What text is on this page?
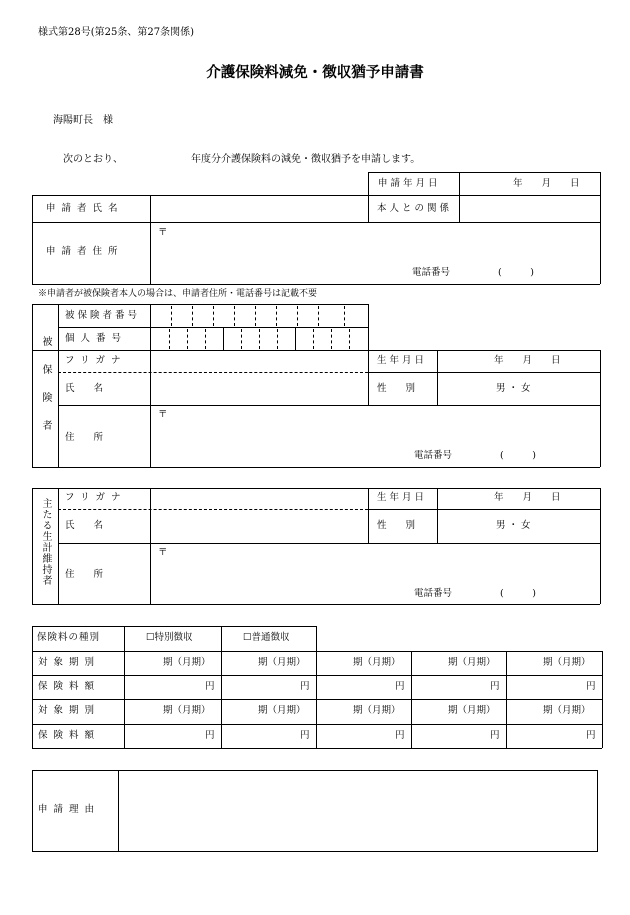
様式第28号(第25条、第27条関係)
介護保険料減免・徴収猶予申請書
海陽町長　様
次のとおり、	年度分介護保険料の減免・徴収猶予を申請します。
申請年月日	年　　月　　日
申請者氏名	本人との関係
申請者住所
〒
電話番号	(　　　)
※申請者が被保険者本人の場合は、申請者住所・電話番号は記載不要
被保険者
被保険者番号
個人番号
フリガナ	生年月日	年　　月　　日
氏　　名	性　　別	男 ・ 女
〒
住　　所
電話番号	(　　　)
主たる生計維持者
フリガナ	生年月日	年　　月　　日
氏　　名	性　　別	男 ・ 女
〒
住　　所
電話番号	(　　　)
保険料の種別	☐特別徴収	☐普通徴収
対象期別	期（月期）	期（月期）	期（月期）	期（月期）	期（月期）
保険料額	円	円	円	円	円
対象期別	期（月期）	期（月期）	期（月期）	期（月期）	期（月期）
保険料額	円	円	円	円	円
申請理由
